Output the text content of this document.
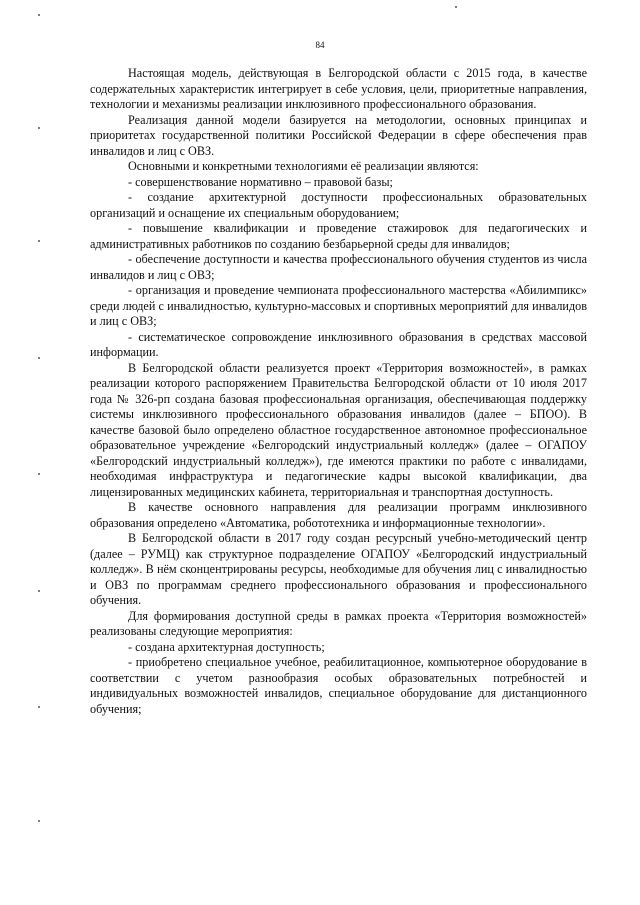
84

Настоящая модель, действующая в Белгородской области с 2015 года, в качестве содержательных характеристик интегрирует в себе условия, цели, приоритетные направления, технологии и механизмы реализации инклюзивного профессионального образования.

Реализация данной модели базируется на методологии, основных принципах и приоритетах государственной политики Российской Федерации в сфере обеспечения прав инвалидов и лиц с ОВЗ.

Основными и конкретными технологиями её реализации являются:

- совершенствование нормативно – правовой базы;

- создание архитектурной доступности профессиональных образовательных организаций и оснащение их специальным оборудованием;

- повышение квалификации и проведение стажировок для педагогических и административных работников по созданию безбарьерной среды для инвалидов;

- обеспечение доступности и качества профессионального обучения студентов из числа инвалидов и лиц с ОВЗ;

- организация и проведение чемпионата профессионального мастерства «Абилимпикс» среди людей с инвалидностью, культурно-массовых и спортивных мероприятий для инвалидов и лиц с ОВЗ;

- систематическое сопровождение инклюзивного образования в средствах массовой информации.

В Белгородской области реализуется проект «Территория возможностей», в рамках реализации которого распоряжением Правительства Белгородской области от 10 июля 2017 года № 326-рп создана базовая профессиональная организация, обеспечивающая поддержку системы инклюзивного профессионального образования инвалидов (далее – БПОО). В качестве базовой было определено областное государственное автономное профессиональное образовательное учреждение «Белгородский индустриальный колледж» (далее – ОГАПОУ «Белгородский индустриальный колледж»), где имеются практики по работе с инвалидами, необходимая инфраструктура и педагогические кадры высокой квалификации, два лицензированных медицинских кабинета, территориальная и транспортная доступность.

В качестве основного направления для реализации программ инклюзивного образования определено «Автоматика, робототехника и информационные технологии».

В Белгородской области в 2017 году создан ресурсный учебно-методический центр (далее – РУМЦ) как структурное подразделение ОГАПОУ «Белгородский индустриальный колледж». В нём сконцентрированы ресурсы, необходимые для обучения лиц с инвалидностью и ОВЗ по программам среднего профессионального образования и профессионального обучения.

Для формирования доступной среды в рамках проекта «Территория возможностей» реализованы следующие мероприятия:

- создана архитектурная доступность;

- приобретено специальное учебное, реабилитационное, компьютерное оборудование в соответствии с учетом разнообразия особых образовательных потребностей и индивидуальных возможностей инвалидов, специальное оборудование для дистанционного обучения;
